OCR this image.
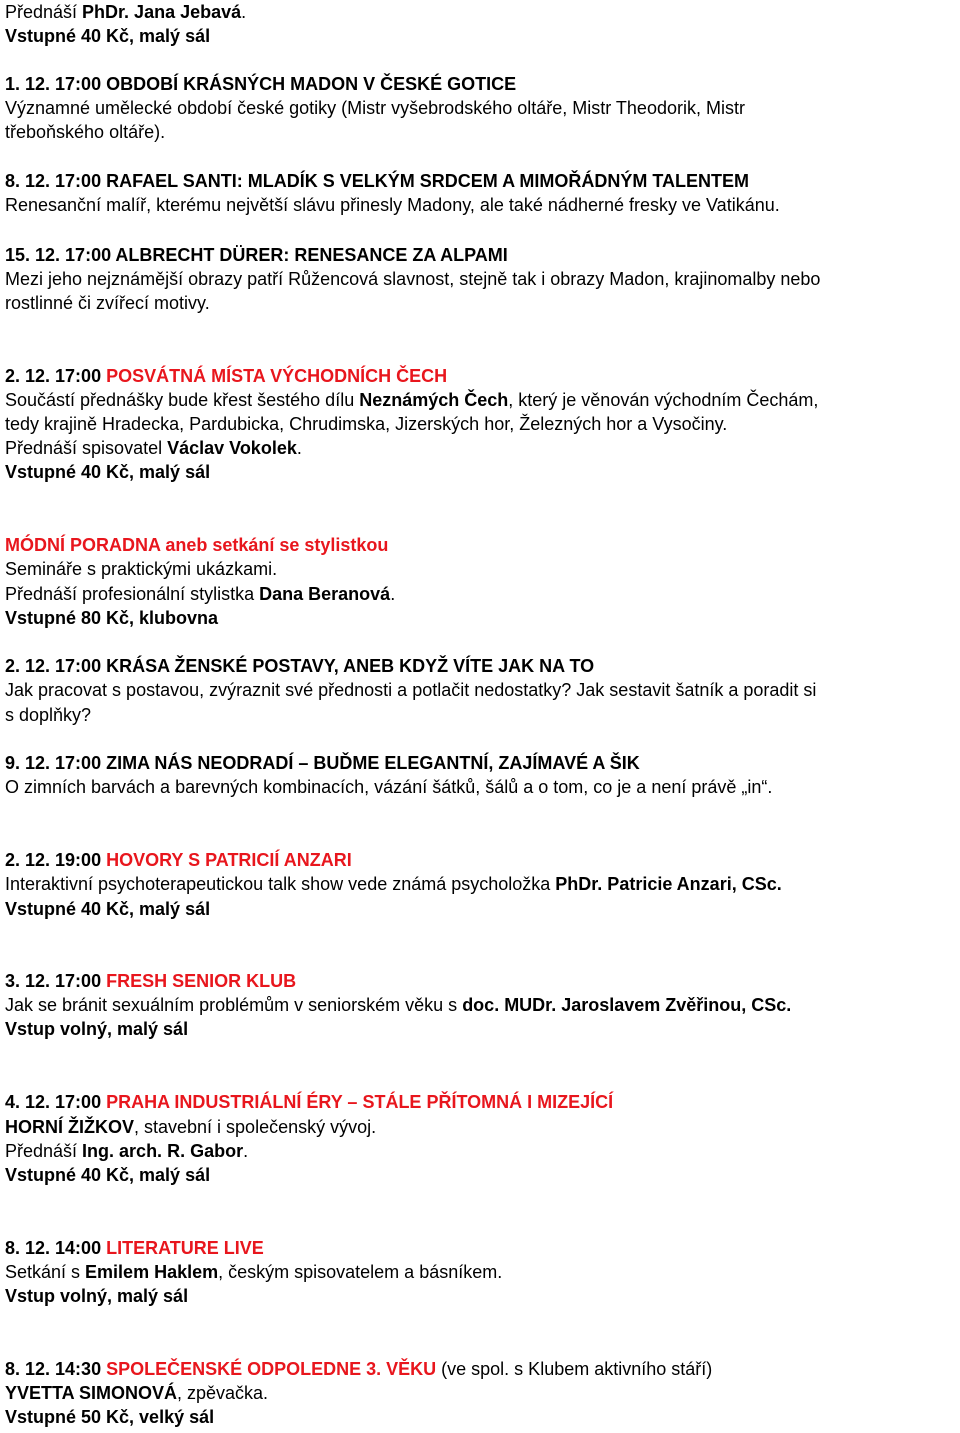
Přednáší PhDr. Jana Jebavá.
Vstupné 40 Kč, malý sál
1. 12. 17:00 OBDOBÍ KRÁSNÝCH MADON V ČESKÉ GOTICE
Významné umělecké období české gotiky (Mistr vyšebrodského oltáře, Mistr Theodorik, Mistr
třeboňského oltáře).
8. 12. 17:00 RAFAEL SANTI: MLADÍK S VELKÝM SRDCEM A MIMOŘÁDNÝM TALENTEM
Renesanční malíř, kterému největší slávu přinesly Madony, ale také nádherné fresky ve Vatikánu.
15. 12. 17:00 ALBRECHT DÜRER: RENESANCE ZA ALPAMI
Mezi jeho nejznámější obrazy patří Růžencová slavnost, stejně tak i obrazy Madon, krajinomalby nebo
rostlinné či zvířecí motivy.
2. 12. 17:00 POSVÁTNÁ MÍSTA VÝCHODNÍCH ČECH
Součástí přednášky bude křest šestého dílu Neznámých Čech, který je věnován východním Čechám,
tedy krajině Hradecka, Pardubicka, Chrudimska, Jizerských hor, Železných hor a Vysočiny.
Přednáší spisovatel Václav Vokolek.
Vstupné 40 Kč, malý sál
MÓDNÍ PORADNA aneb setkání se stylistkou
Semináře s praktickými ukázkami.
Přednáší profesionální stylistka Dana Beranová.
Vstupné 80 Kč, klubovna
2. 12. 17:00 KRÁSA ŽENSKÉ POSTAVY, ANEB KDYŽ VÍTE JAK NA TO
Jak pracovat s postavou, zvýraznit své přednosti a potlačit nedostatky? Jak sestavit šatník a poradit si
s doplňky?
9. 12. 17:00 ZIMA NÁS NEODRADÍ – BUĎME ELEGANTNÍ, ZAJÍMAVÉ A ŠIK
O zimních barvách a barevných kombinacích, vázání šátků, šálů a o tom, co je a není právě „in“.
2. 12. 19:00 HOVORY S PATRICIÍ ANZARI
Interaktivní psychoterapeutickou talk show vede známá psycholožka PhDr. Patricie Anzari, CSc.
Vstupné 40 Kč, malý sál
3. 12. 17:00 FRESH SENIOR KLUB
Jak se bránit sexuálním problémům v seniorském věku s doc. MUDr. Jaroslavem Zvěřinou, CSc.
Vstup volný, malý sál
4. 12. 17:00 PRAHA INDUSTRIÁLNÍ ÉRY – STÁLE PŘÍTOMNÁ I MIZEJÍCÍ
HORNÍ ŽIŽKOV, stavební i společenský vývoj.
Přednáší Ing. arch. R. Gabor.
Vstupné 40 Kč, malý sál
8. 12. 14:00 LITERATURE LIVE
Setkání s Emilem Haklem, českým spisovatelem a básníkem.
Vstup volný, malý sál
8. 12. 14:30 SPOLEČENSKÉ ODPOLEDNE 3. VĚKU (ve spol. s Klubem aktivního stáří)
YVETTA SIMONOVÁ, zpěvačka.
Vstupné 50 Kč, velký sál
